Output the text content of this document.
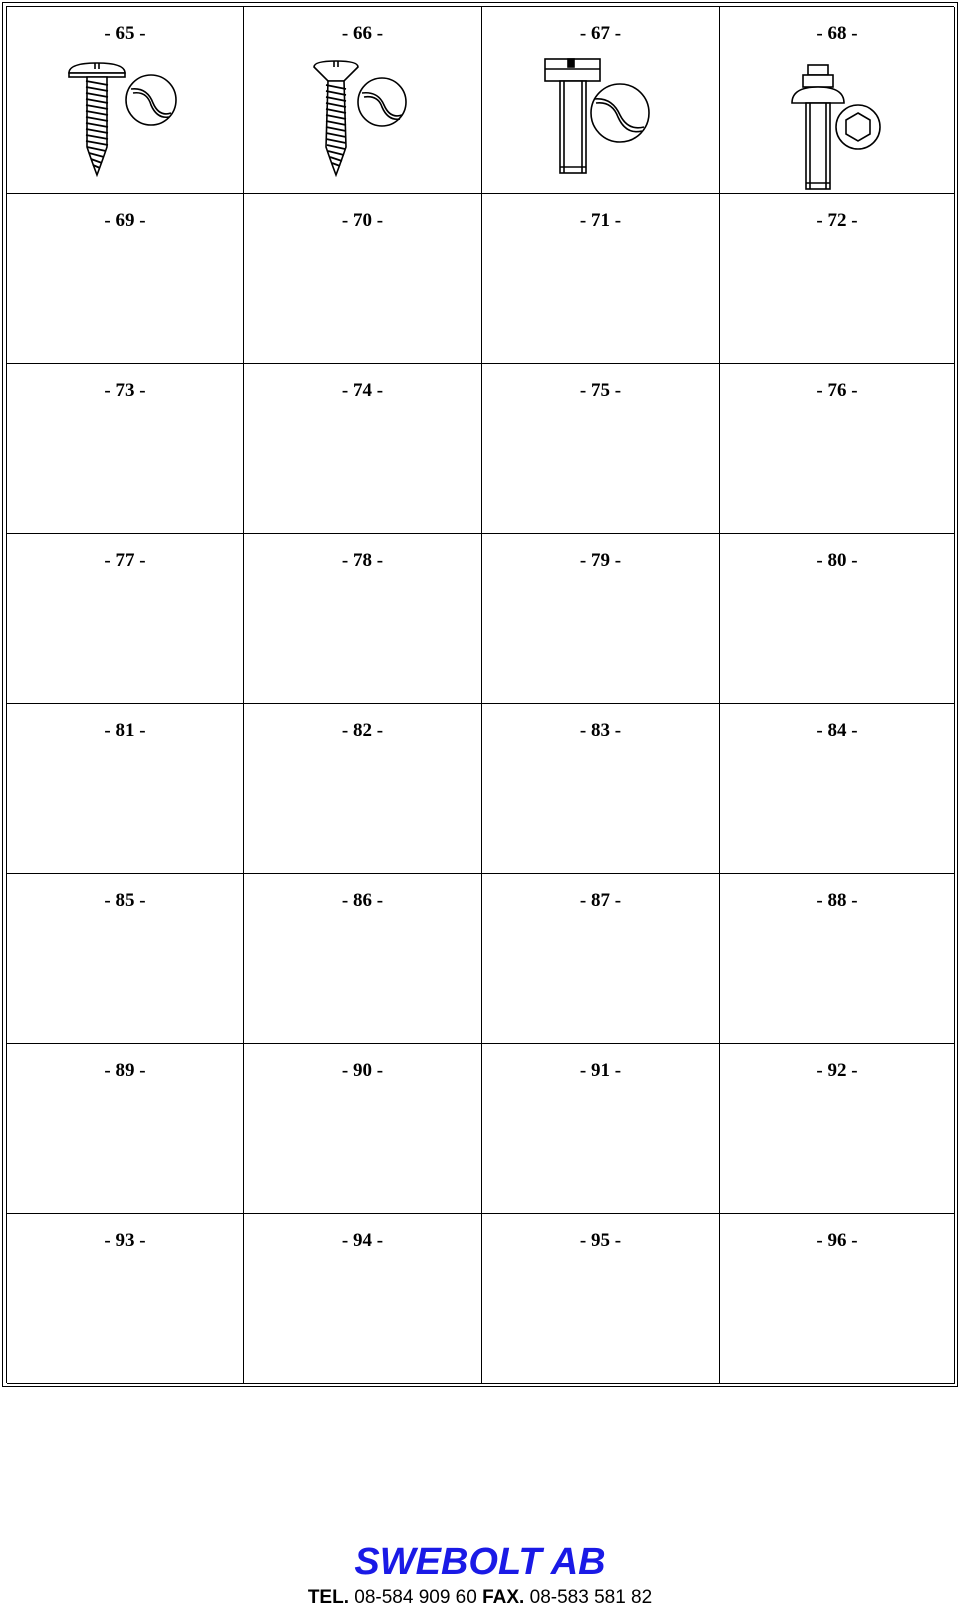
- 65 -	- 66 -	- 67 -	- 68 -
- 69 -	- 70 -	- 71 -	- 72 -
- 73 -	- 74 -	- 75 -	- 76 -
- 77 -	- 78 -	- 79 -	- 80 -
- 81 -	- 82 -	- 83 -	- 84 -
- 85 -	- 86 -	- 87 -	- 88 -
- 89 -	- 90 -	- 91 -	- 92 -
- 93 -	- 94 -	- 95 -	- 96 -
SWEBOLT AB
TEL. 08-584 909 60 FAX. 08-583 581 82
